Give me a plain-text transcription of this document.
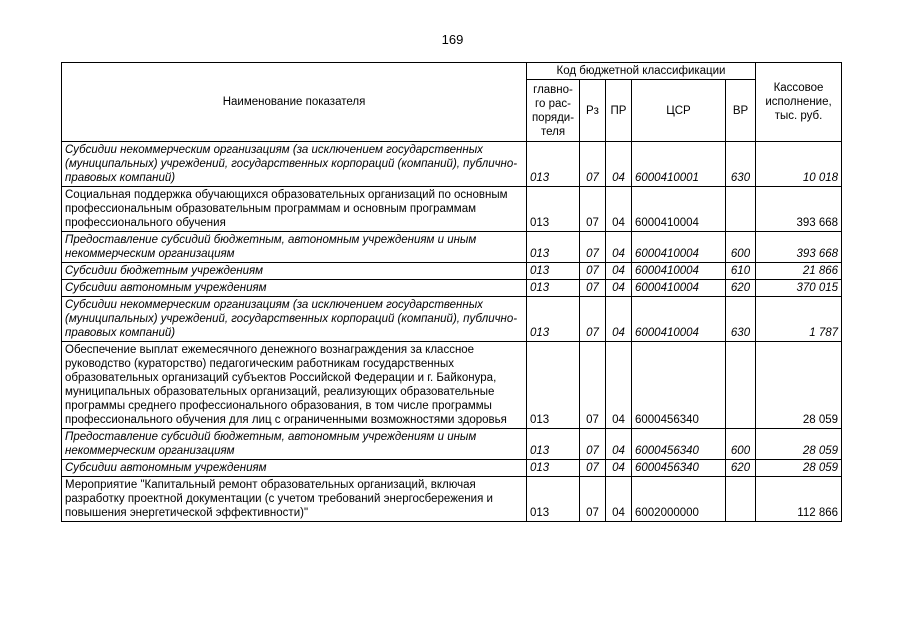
169
Наименование показателя	Код бюджетной классификации					Кассовое исполнение, тыс. руб.
	главно-го рас-поряди-теля	Рз	ПР	ЦСР	ВР	
Субсидии некоммерческим организациям (за исключением государственных (муниципальных) учреждений, государственных корпораций (компаний), публично-правовых компаний)	013	07	04	6000410001	630	10 018
Социальная поддержка обучающихся образовательных организаций по основным профессиональным образовательным программам и основным программам профессионального обучения	013	07	04	6000410004		393 668
Предоставление субсидий бюджетным, автономным учреждениям и иным некоммерческим организациям	013	07	04	6000410004	600	393 668
Субсидии бюджетным учреждениям	013	07	04	6000410004	610	21 866
Субсидии автономным учреждениям	013	07	04	6000410004	620	370 015
Субсидии некоммерческим организациям (за исключением государственных (муниципальных) учреждений, государственных корпораций (компаний), публично-правовых компаний)	013	07	04	6000410004	630	1 787
Обеспечение выплат ежемесячного денежного вознаграждения за классное руководство (кураторство) педагогическим работникам государственных образовательных организаций субъектов Российской Федерации и г. Байконура, муниципальных образовательных организаций, реализующих образовательные программы среднего профессионального образования, в том числе программы профессионального обучения для лиц с ограниченными возможностями здоровья	013	07	04	6000456340		28 059
Предоставление субсидий бюджетным, автономным учреждениям и иным некоммерческим организациям	013	07	04	6000456340	600	28 059
Субсидии автономным учреждениям	013	07	04	6000456340	620	28 059
Мероприятие "Капитальный ремонт образовательных организаций, включая разработку проектной документации (с учетом требований энергосбережения и повышения энергетической эффективности)"	013	07	04	6002000000		112 866
